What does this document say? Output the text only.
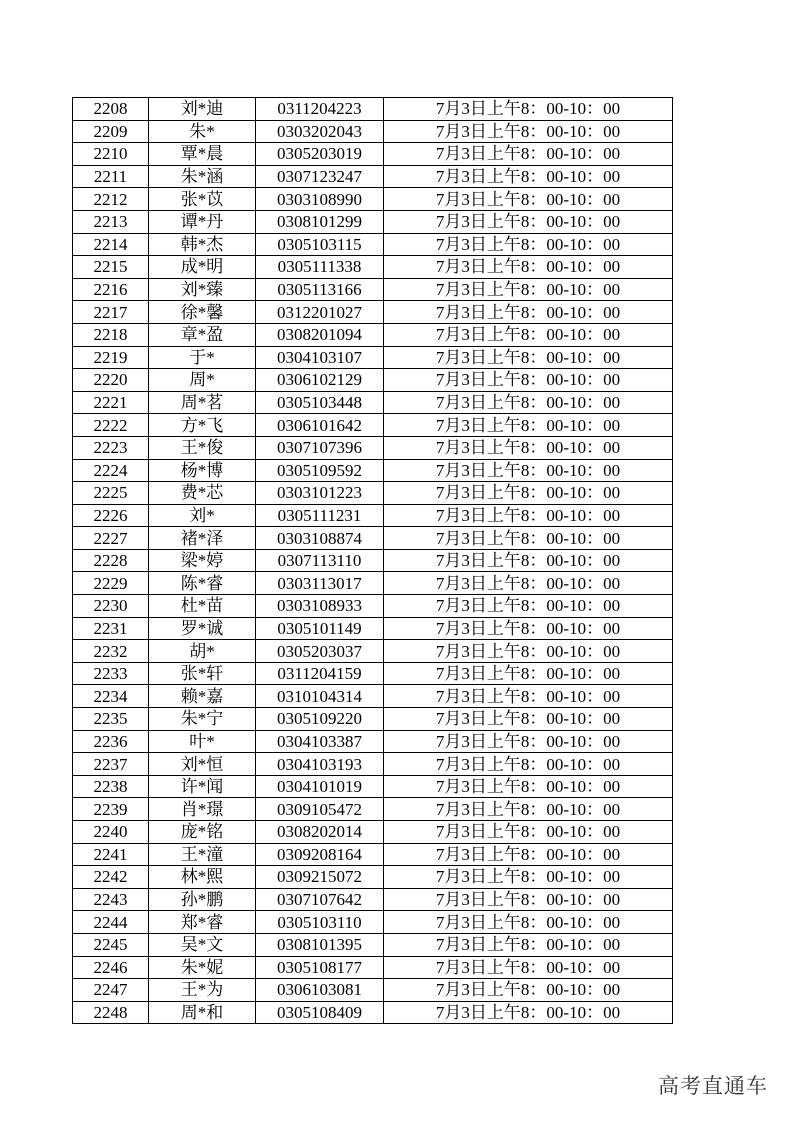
2208	刘*迪	0311204223	7月3日上午8：00-10：00
2209	朱*	0303202043	7月3日上午8：00-10：00
2210	覃*晨	0305203019	7月3日上午8：00-10：00
2211	朱*涵	0307123247	7月3日上午8：00-10：00
2212	张*苡	0303108990	7月3日上午8：00-10：00
2213	谭*丹	0308101299	7月3日上午8：00-10：00
2214	韩*杰	0305103115	7月3日上午8：00-10：00
2215	成*明	0305111338	7月3日上午8：00-10：00
2216	刘*臻	0305113166	7月3日上午8：00-10：00
2217	徐*馨	0312201027	7月3日上午8：00-10：00
2218	章*盈	0308201094	7月3日上午8：00-10：00
2219	于*	0304103107	7月3日上午8：00-10：00
2220	周*	0306102129	7月3日上午8：00-10：00
2221	周*茗	0305103448	7月3日上午8：00-10：00
2222	方*飞	0306101642	7月3日上午8：00-10：00
2223	王*俊	0307107396	7月3日上午8：00-10：00
2224	杨*博	0305109592	7月3日上午8：00-10：00
2225	费*芯	0303101223	7月3日上午8：00-10：00
2226	刘*	0305111231	7月3日上午8：00-10：00
2227	褚*泽	0303108874	7月3日上午8：00-10：00
2228	梁*婷	0307113110	7月3日上午8：00-10：00
2229	陈*睿	0303113017	7月3日上午8：00-10：00
2230	杜*苗	0303108933	7月3日上午8：00-10：00
2231	罗*诚	0305101149	7月3日上午8：00-10：00
2232	胡*	0305203037	7月3日上午8：00-10：00
2233	张*轩	0311204159	7月3日上午8：00-10：00
2234	赖*嘉	0310104314	7月3日上午8：00-10：00
2235	朱*宁	0305109220	7月3日上午8：00-10：00
2236	叶*	0304103387	7月3日上午8：00-10：00
2237	刘*恒	0304103193	7月3日上午8：00-10：00
2238	许*闻	0304101019	7月3日上午8：00-10：00
2239	肖*璟	0309105472	7月3日上午8：00-10：00
2240	庞*铭	0308202014	7月3日上午8：00-10：00
2241	王*潼	0309208164	7月3日上午8：00-10：00
2242	林*熙	0309215072	7月3日上午8：00-10：00
2243	孙*鹏	0307107642	7月3日上午8：00-10：00
2244	郑*睿	0305103110	7月3日上午8：00-10：00
2245	吴*文	0308101395	7月3日上午8：00-10：00
2246	朱*妮	0305108177	7月3日上午8：00-10：00
2247	王*为	0306103081	7月3日上午8：00-10：00
2248	周*和	0305108409	7月3日上午8：00-10：00
高考直通车
